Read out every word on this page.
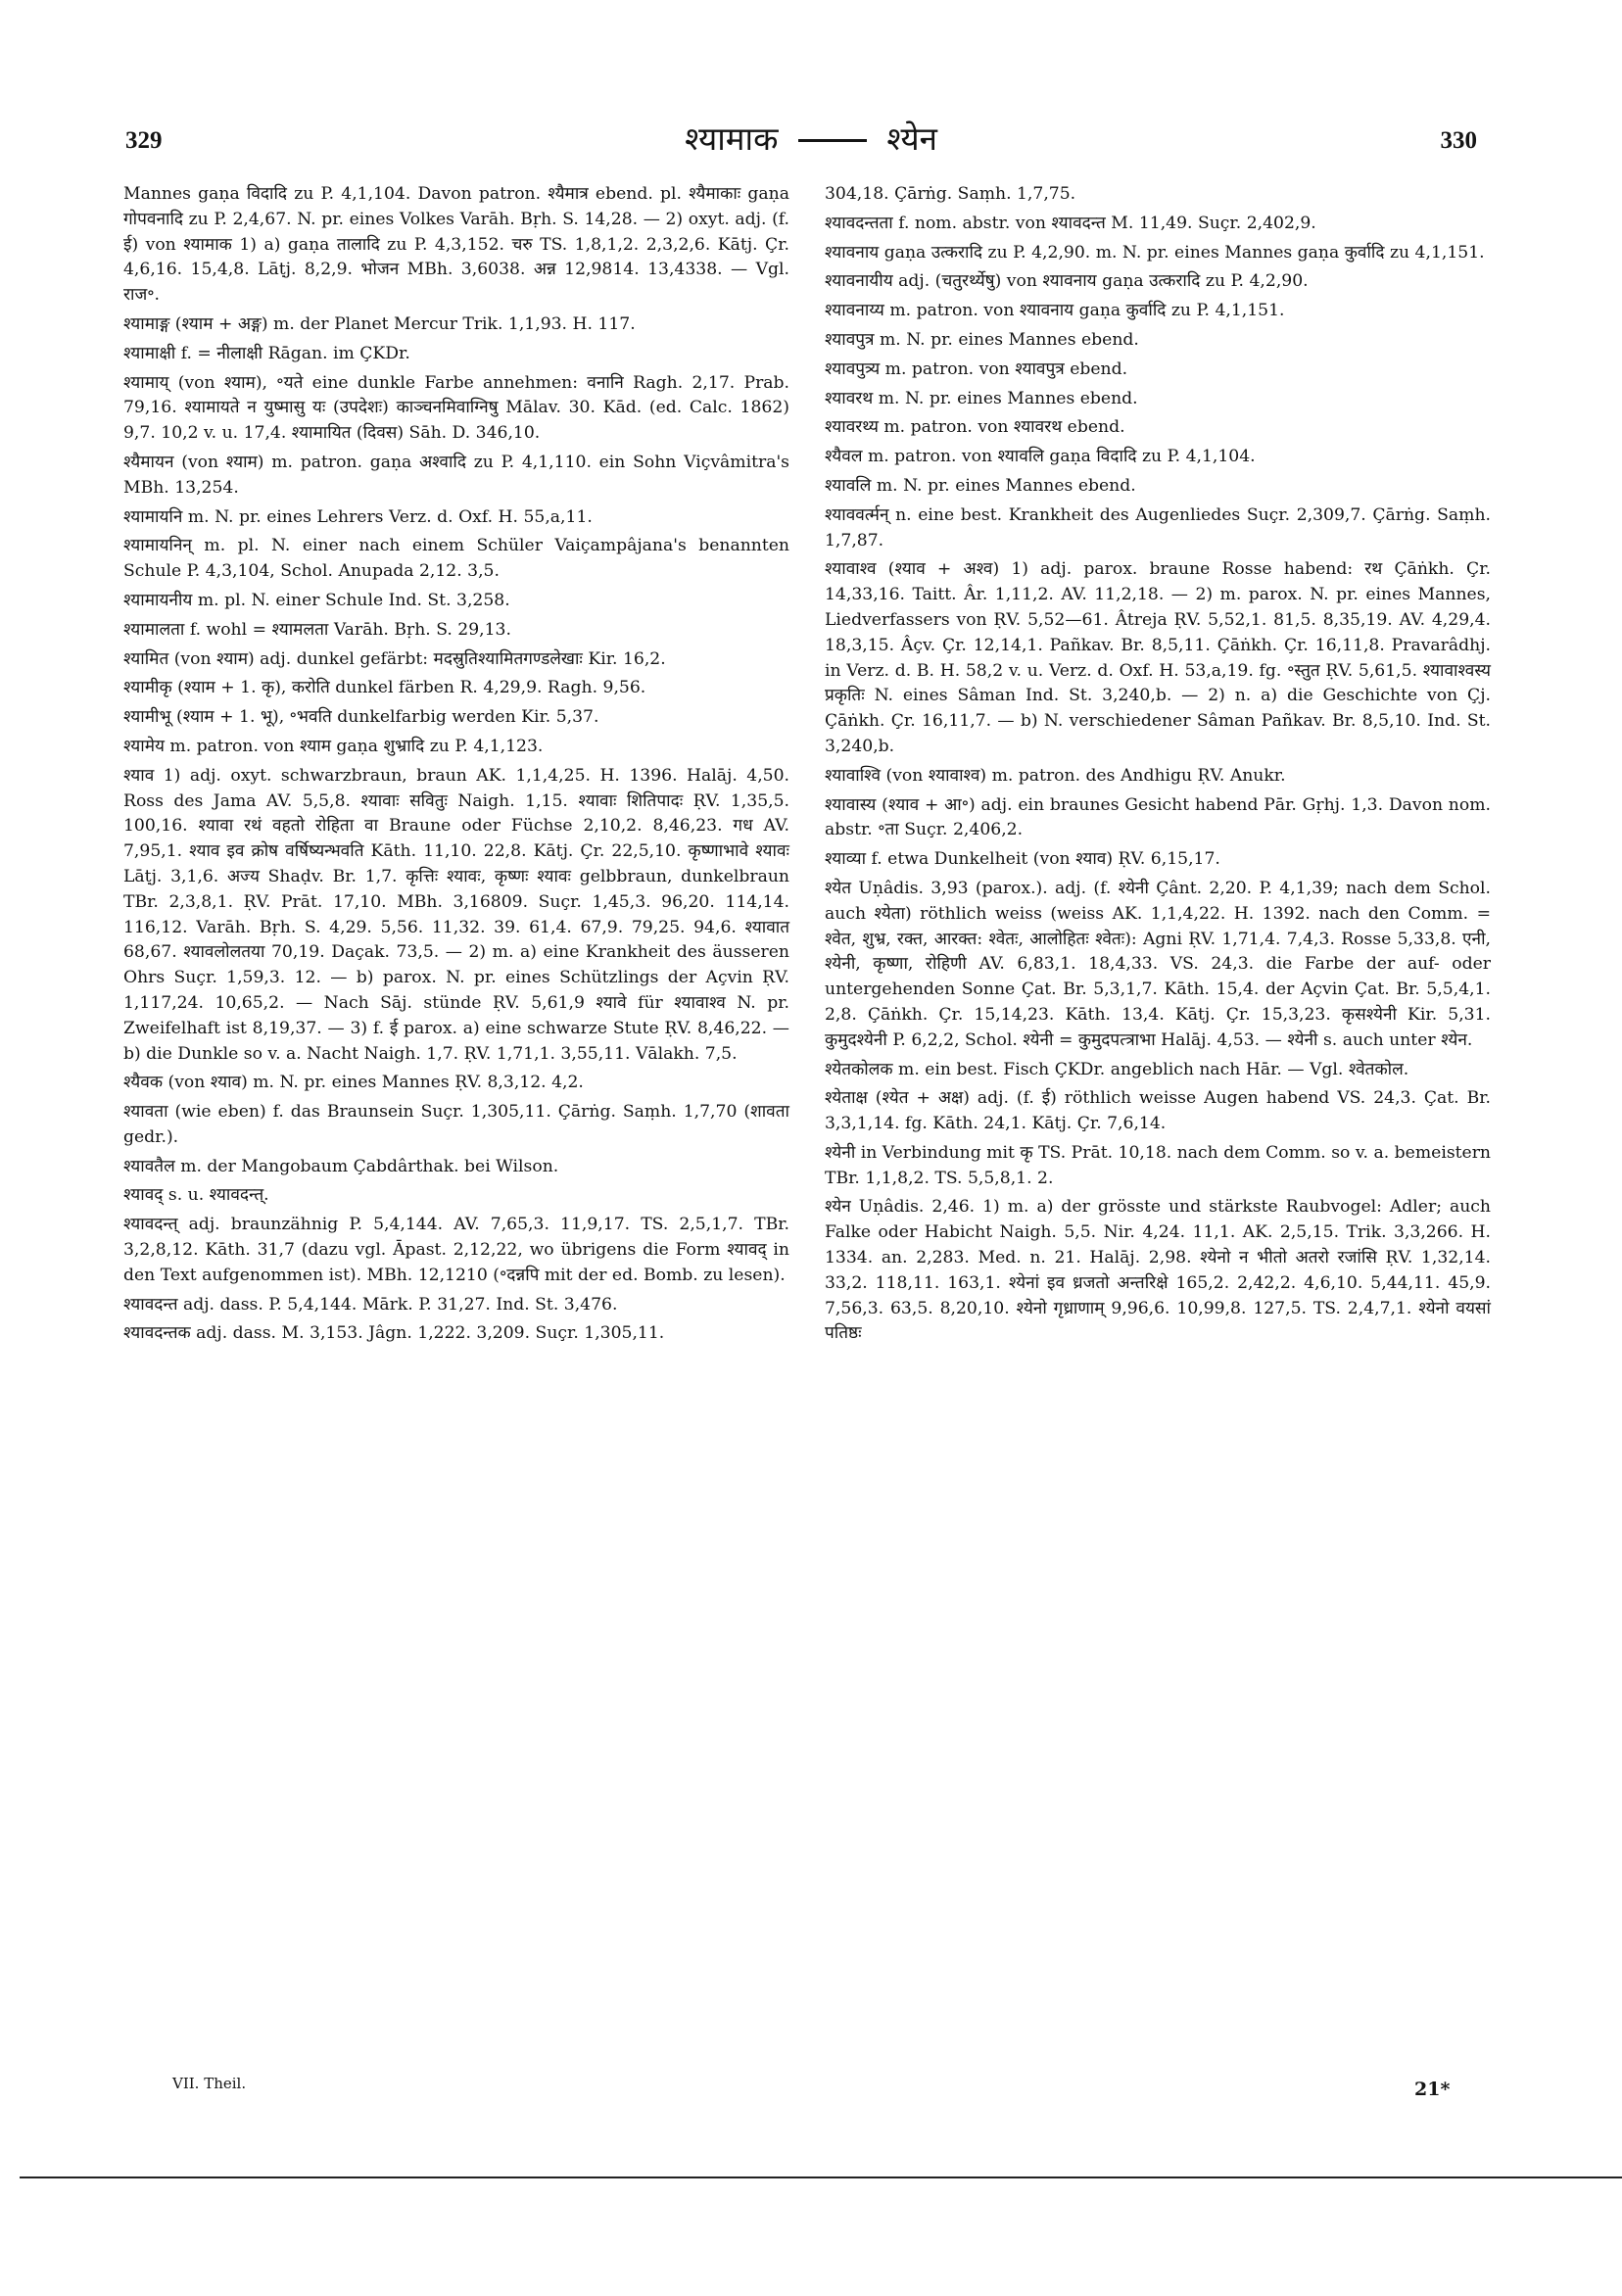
329	श्यामाक	श्येन	330

Mannes gaṇa विदादि zu P. 4,1,104. Davon patron. श्यैमात्र ebend. pl. श्यैमाकाः gaṇa गोपवनादि zu P. 2,4,67. N. pr. eines Volkes Varāh. Bṛh. S. 14,28. — 2) oxyt. adj. (f. ई) von श्यामाक 1) a) gaṇa तालादि zu P. 4,3,152. चरु TS. 1,8,1,2. 2,3,2,6. Kātj. Çr. 4,6,16. 15,4,8. Lāṭj. 8,2,9. भोजन MBh. 3,6038. अन्न 12,9814. 13,4338. — Vgl. राज॰.

श्यामाङ्ग (श्याम + अङ्ग) m. der Planet Mercur Trik. 1,1,93. H. 117.

श्यामाक्षी f. = नीलाक्षी Rāgan. im ÇKDr.

श्यामाय् (von श्याम), ॰यते eine dunkle Farbe annehmen: वनानि Ragh. 2,17. Prab. 79,16. श्यामायते न युष्मासु यः (उपदेशः) काञ्चनमिवाग्निषु Mālav. 30. Kād. (ed. Calc. 1862) 9,7. 10,2 v. u. 17,4. श्यामायित (दिवस) Sāh. D. 346,10.

श्यैमायन (von श्याम) m. patron. gaṇa अश्वादि zu P. 4,1,110. ein Sohn Viçvâmitra's MBh. 13,254.

श्यामायनि m. N. pr. eines Lehrers Verz. d. Oxf. H. 55,a,11.

श्यामायनिन् m. pl. N. einer nach einem Schüler Vaiçampâjana's benannten Schule P. 4,3,104, Schol. Anupada 2,12. 3,5.

श्यामायनीय m. pl. N. einer Schule Ind. St. 3,258.

श्यामालता f. wohl = श्यामलता Varāh. Bṛh. S. 29,13.

श्यामित (von श्याम) adj. dunkel gefärbt: मदस्रुतिश्यामितगण्डलेखाः Kir. 16,2.

श्यामीकृ (श्याम + 1. कृ), करोति dunkel färben R. 4,29,9. Ragh. 9,56.

श्यामीभू (श्याम + 1. भू), ॰भवति dunkelfarbig werden Kir. 5,37.

श्यामेय m. patron. von श्याम gaṇa शुभ्रादि zu P. 4,1,123.

श्याव 1) adj. oxyt. schwarzbraun, braun AK. 1,1,4,25. H. 1396. Halāj. 4,50. Ross des Jama AV. 5,5,8. श्यावाः सवितुः Naigh. 1,15. श्यावाः शितिपादः ṚV. 1,35,5. 100,16. श्यावा रथं वहतो रोहिता वा Braune oder Füchse 2,10,2. 8,46,23. गध AV. 7,95,1. श्याव इव क्रोष वर्षिष्यन्भवति Kāth. 11,10. 22,8. Kātj. Çr. 22,5,10. कृष्णाभावे श्यावः Lāṭj. 3,1,6. अज्य Shaḍv. Br. 1,7. कृत्तिः श्यावः, कृष्णः श्यावः gelbbraun, dunkelbraun TBr. 2,3,8,1. ṚV. Prāt. 17,10. MBh. 3,16809. Suçr. 1,45,3. 96,20. 114,14. 116,12. Varāh. Bṛh. S. 4,29. 5,56. 11,32. 39. 61,4. 67,9. 79,25. 94,6. श्यावात 68,67. श्यावलोलतया 70,19. Daçak. 73,5. — 2) m. a) eine Krankheit des äusseren Ohrs Suçr. 1,59,3. 12. — b) parox. N. pr. eines Schützlings der Açvin ṚV. 1,117,24. 10,65,2. — Nach Sāj. stünde ṚV. 5,61,9 श्यावे für श्यावाश्व N. pr. Zweifelhaft ist 8,19,37. — 3) f. ई parox. a) eine schwarze Stute ṚV. 8,46,22. — b) die Dunkle so v. a. Nacht Naigh. 1,7. ṚV. 1,71,1. 3,55,11. Vālakh. 7,5.

श्यैवक (von श्याव) m. N. pr. eines Mannes ṚV. 8,3,12. 4,2.

श्यावता (wie eben) f. das Braunsein Suçr. 1,305,11. Çārṅg. Saṃh. 1,7,70 (शावता gedr.).

श्यावतैल m. der Mangobaum Çabdârthak. bei Wilson.

श्यावद् s. u. श्यावदन्त्.

श्यावदन्त् adj. braunzähnig P. 5,4,144. AV. 7,65,3. 11,9,17. TS. 2,5,1,7. TBr. 3,2,8,12. Kāth. 31,7 (dazu vgl. Āpast. 2,12,22, wo übrigens die Form श्यावद् in den Text aufgenommen ist). MBh. 12,1210 (॰दन्नपि mit der ed. Bomb. zu lesen).

श्यावदन्त adj. dass. P. 5,4,144. Mārk. P. 31,27. Ind. St. 3,476.

श्यावदन्तक adj. dass. M. 3,153. Jâgn. 1,222. 3,209. Suçr. 1,305,11.

304,18. Çārṅg. Saṃh. 1,7,75.

श्यावदन्तता f. nom. abstr. von श्यावदन्त M. 11,49. Suçr. 2,402,9.

श्यावनाय gaṇa उत्करादि zu P. 4,2,90. m. N. pr. eines Mannes gaṇa कुर्वादि zu 4,1,151.

श्यावनायीय adj. (चतुरर्थ्येषु) von श्यावनाय gaṇa उत्करादि zu P. 4,2,90.

श्यावनाय्य m. patron. von श्यावनाय gaṇa कुर्वादि zu P. 4,1,151.

श्यावपुत्र m. N. pr. eines Mannes ebend.

श्यावपुत्र्य m. patron. von श्यावपुत्र ebend.

श्यावरथ m. N. pr. eines Mannes ebend.

श्यावरथ्य m. patron. von श्यावरथ ebend.

श्यैवल m. patron. von श्यावलि gaṇa विदादि zu P. 4,1,104.

श्यावलि m. N. pr. eines Mannes ebend.

श्याववर्त्मन् n. eine best. Krankheit des Augenliedes Suçr. 2,309,7. Çārṅg. Saṃh. 1,7,87.

श्यावाश्व (श्याव + अश्व) 1) adj. parox. braune Rosse habend: रथ Çāṅkh. Çr. 14,33,16. Taitt. Âr. 1,11,2. AV. 11,2,18. — 2) m. parox. N. pr. eines Mannes, Liedverfassers von ṚV. 5,52—61. Âtreja ṚV. 5,52,1. 81,5. 8,35,19. AV. 4,29,4. 18,3,15. Âçv. Çr. 12,14,1. Pañkav. Br. 8,5,11. Çāṅkh. Çr. 16,11,8. Pravarâdhj. in Verz. d. B. H. 58,2 v. u. Verz. d. Oxf. H. 53,a,19. fg. ॰स्तुत ṚV. 5,61,5. श्यावाश्वस्य प्रकृतिः N. eines Sâman Ind. St. 3,240,b. — 2) n. a) die Geschichte von Çj. Çāṅkh. Çr. 16,11,7. — b) N. verschiedener Sâman Pañkav. Br. 8,5,10. Ind. St. 3,240,b.

श्यावाश्वि (von श्यावाश्व) m. patron. des Andhigu ṚV. Anukr.

श्यावास्य (श्याव + आ॰) adj. ein braunes Gesicht habend Pār. Gṛhj. 1,3. Davon nom. abstr. ॰ता Suçr. 2,406,2.

श्याव्या f. etwa Dunkelheit (von श्याव) ṚV. 6,15,17.

श्येत Uṇâdis. 3,93 (parox.). adj. (f. श्येनी Çânt. 2,20. P. 4,1,39; nach dem Schol. auch श्येता) röthlich weiss (weiss AK. 1,1,4,22. H. 1392. nach den Comm. = श्वेत, शुभ्र, रक्त, आरक्त: श्वेतः, आलोहितः श्वेतः): Agni ṚV. 1,71,4. 7,4,3. Rosse 5,33,8. एनी, श्येनी, कृष्णा, रोहिणी AV. 6,83,1. 18,4,33. VS. 24,3. die Farbe der auf- oder untergehenden Sonne Çat. Br. 5,3,1,7. Kāth. 15,4. der Açvin Çat. Br. 5,5,4,1. 2,8. Çāṅkh. Çr. 15,14,23. Kāth. 13,4. Kātj. Çr. 15,3,23. कृसश्येनी Kir. 5,31. कुमुदश्येनी P. 6,2,2, Schol. श्येनी = कुमुदपत्त्राभा Halāj. 4,53. — श्येनी s. auch unter श्येन.

श्येतकोलक m. ein best. Fisch ÇKDr. angeblich nach Hār. — Vgl. श्वेतकोल.

श्येताक्ष (श्येत + अक्ष) adj. (f. ई) röthlich weisse Augen habend VS. 24,3. Çat. Br. 3,3,1,14. fg. Kāth. 24,1. Kātj. Çr. 7,6,14.

श्येनी in Verbindung mit कृ TS. Prāt. 10,18. nach dem Comm. so v. a. bemeistern TBr. 1,1,8,2. TS. 5,5,8,1. 2.

श्येन Uṇâdis. 2,46. 1) m. a) der grösste und stärkste Raubvogel: Adler; auch Falke oder Habicht Naigh. 5,5. Nir. 4,24. 11,1. AK. 2,5,15. Trik. 3,3,266. H. 1334. an. 2,283. Med. n. 21. Halāj. 2,98. श्येनो न भीतो अतरो रजांसि ṚV. 1,32,14. 33,2. 118,11. 163,1. श्येनां इव ध्रजतो अन्तरिक्षे 165,2. 2,42,2. 4,6,10. 5,44,11. 45,9. 7,56,3. 63,5. 8,20,10. श्येनो गृध्राणाम् 9,96,6. 10,99,8. 127,5. TS. 2,4,7,1. श्येनो वयसां पतिष्ठः

VII. Theil.	21*
